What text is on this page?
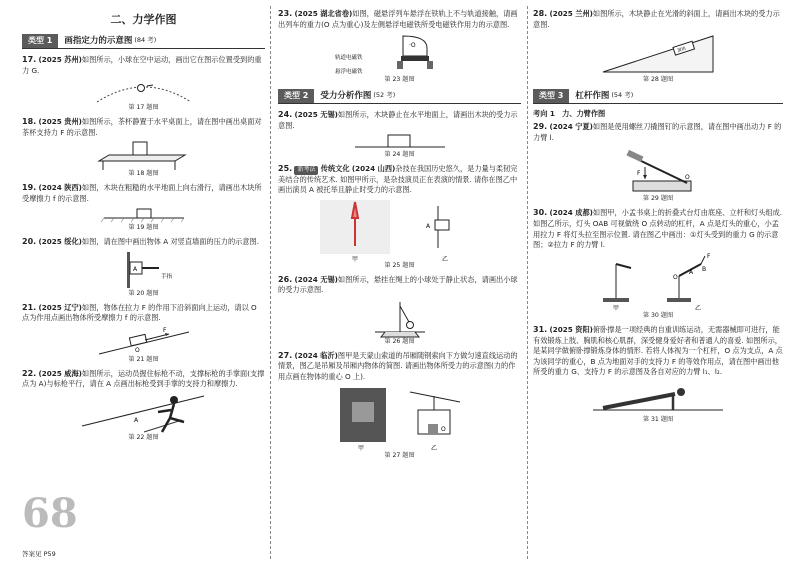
二、力学作图
类型 1	画指定力的示意图 (84 考)
17. (2025 苏州)如图所示，小球在空中运动，画出它在图示位置受到的重力 G.
第 17 题图
18. (2025 贵州)如图所示，茶杯静置于水平桌面上，请在图中画出桌面对茶杯支持力 F 的示意图.
第 18 题图
19. (2024 陕西)如图，木块在粗糙的水平地面上向右滑行，请画出木块所受摩擦力 f 的示意图.
第 19 题图
20. (2025 绥化)如图，请在图中画出物体 A 对竖直墙面的压力的示意图.
A
手指
第 20 题图
21. (2025 辽宁)如图，物体在拉力 F 的作用下沿斜面向上运动，请以 O 点为作用点画出物体所受摩擦力 f 的示意图.
F
O
第 21 题图
22. (2025 威海)如图所示，运动员握住标枪不动，支撑标枪的手掌面(支撑点为 A)与标枪平行，请在 A 点画出标枪受到手掌的支持力和摩擦力.
A
第 22 题图
68
答案见 P59
23. (2025 湖北省卷)如图，磁悬浮列车悬浮在铁轨上不与轨道接触，请画出列车的重力(O 点为重心)及左侧悬浮电磁铁所受电磁铁作用力的示意图.
·O
轨道电磁铁
悬浮电磁铁
第 23 题图
类型 2	受力分析作图 (52 考)
24. (2025 无锡)如图所示，木块静止在水平地面上，请画出木块的受力示意图.
第 24 题图
25. 新考法 传统文化 (2024 山西)杂技在我国历史悠久，是力量与柔韧完美结合的传统艺术. 如图甲所示，是杂技演员正在表演的情景. 请你在图乙中画出演员 A 被托举且静止时受力的示意图.
甲
A
乙
第 25 题图
26. (2024 无锡)如图所示，悬挂在绳上的小球处于静止状态，请画出小球的受力示意图.
第 26 题图
27. (2024 临沂)图甲是天蒙山索道的吊厢随钢索向下方做匀速直线运动的情景，图乙是吊厢及吊厢内物体的简图. 请画出物体所受力的示意图(力的作用点画在物体的重心 O 上).
甲
O
乙
第 27 题图
28. (2025 兰州)如图所示，木块静止在光滑的斜面上，请画出木块的受力示意图.
滑块
第 28 题图
类型 3	杠杆作图 (54 考)
考向 1　力、力臂作图
29. (2024 宁夏)如图是使用螺丝刀撬图钉的示意图，请在图中画出动力 F 的力臂 l.
F
O
第 29 题图
30. (2024 成都)如图甲，小孟书桌上的折叠式台灯由底座、立杆和灯头组成. 如图乙所示，灯头 OAB 可视做绕 O 点转动的杠杆，A 点是灯头的重心，小孟用拉力 F 将灯头拉至图示位置. 请在图乙中画出：①灯头受到的重力 G 的示意图；②拉力 F 的力臂 l.
甲
O
A B
F
乙
第 30 题图
31. (2025 资阳)俯卧撑是一项经典的自重训练运动，无需器械即可进行，能有效锻炼上肢、胸肌和核心肌群，深受健身爱好者和普通人的喜爱. 如图所示，是某同学做俯卧撑锻炼身体的情形. 若将人体视为一个杠杆，O 点为支点，A 点为该同学的重心，B 点为地面对手的支持力 F 的等效作用点，请在图中画出他所受的重力 G、支持力 F 的示意图及各自对应的力臂 l₁、l₂.
第 31 题图
